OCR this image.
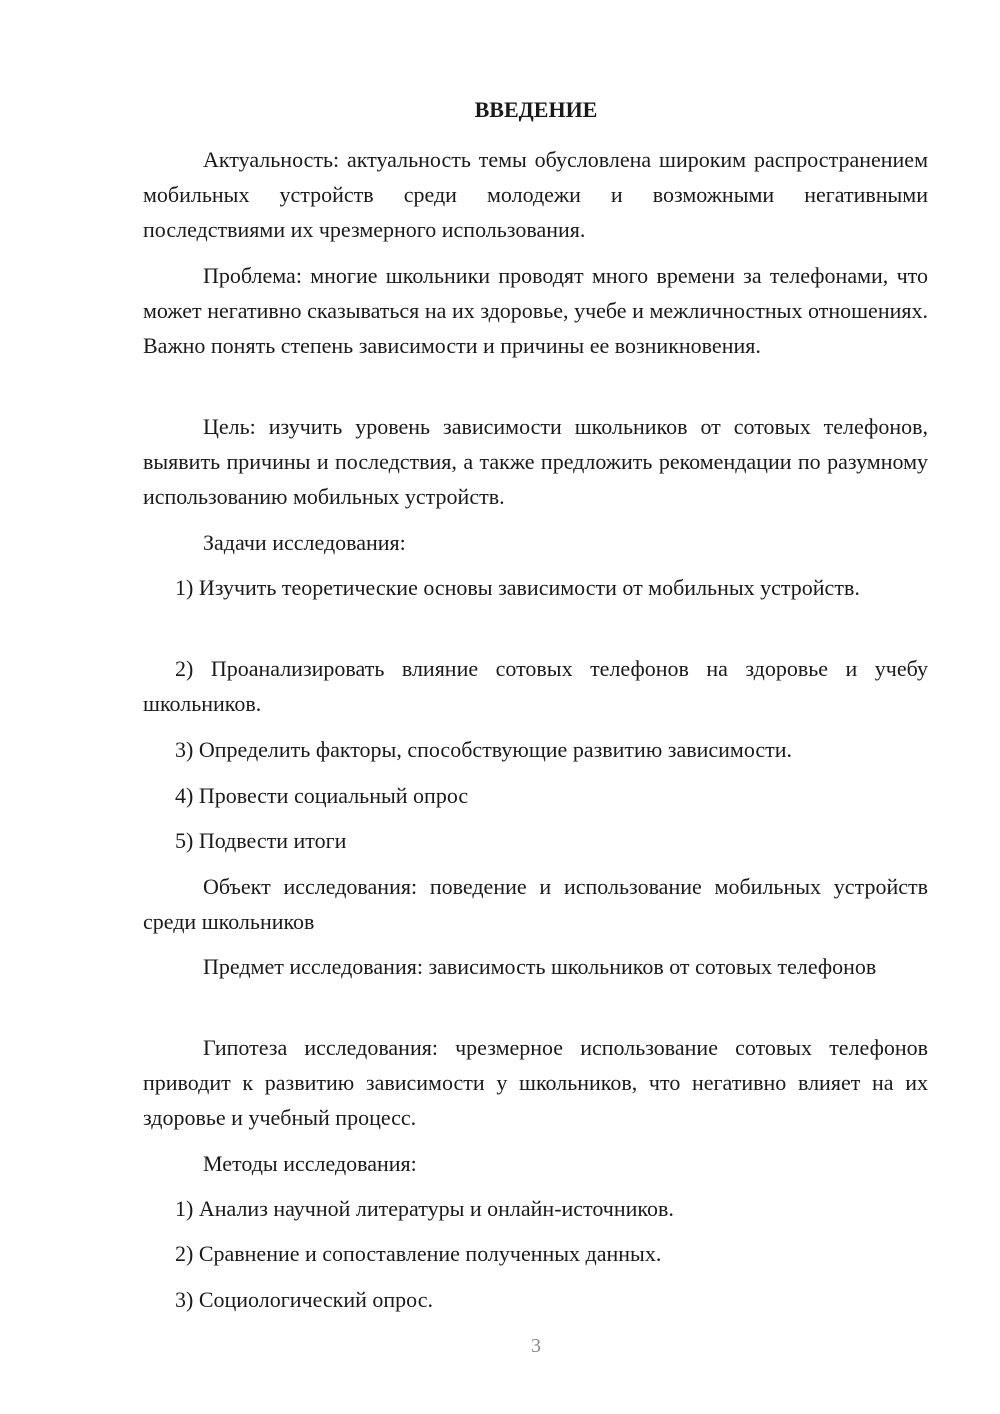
ВВЕДЕНИЕ
Актуальность: актуальность темы обусловлена широким распространением мобильных устройств среди молодежи и возможными негативными последствиями их чрезмерного использования.
Проблема: многие школьники проводят много времени за телефонами, что может негативно сказываться на их здоровье, учебе и межличностных отношениях. Важно понять степень зависимости и причины ее возникновения.
Цель: изучить уровень зависимости школьников от сотовых телефонов, выявить причины и последствия, а также предложить рекомендации по разумному использованию мобильных устройств.
Задачи исследования:
1) Изучить теоретические основы зависимости от мобильных устройств.
2) Проанализировать влияние сотовых телефонов на здоровье и учебу школьников.
3) Определить факторы, способствующие развитию зависимости.
4) Провести социальный опрос
5) Подвести итоги
Объект исследования: поведение и использование мобильных устройств среди школьников
Предмет исследования: зависимость школьников от сотовых телефонов
Гипотеза исследования: чрезмерное использование сотовых телефонов приводит к развитию зависимости у школьников, что негативно влияет на их здоровье и учебный процесс.
Методы исследования:
1) Анализ научной литературы и онлайн-источников.
2) Сравнение и сопоставление полученных данных.
3) Социологический опрос.
3
